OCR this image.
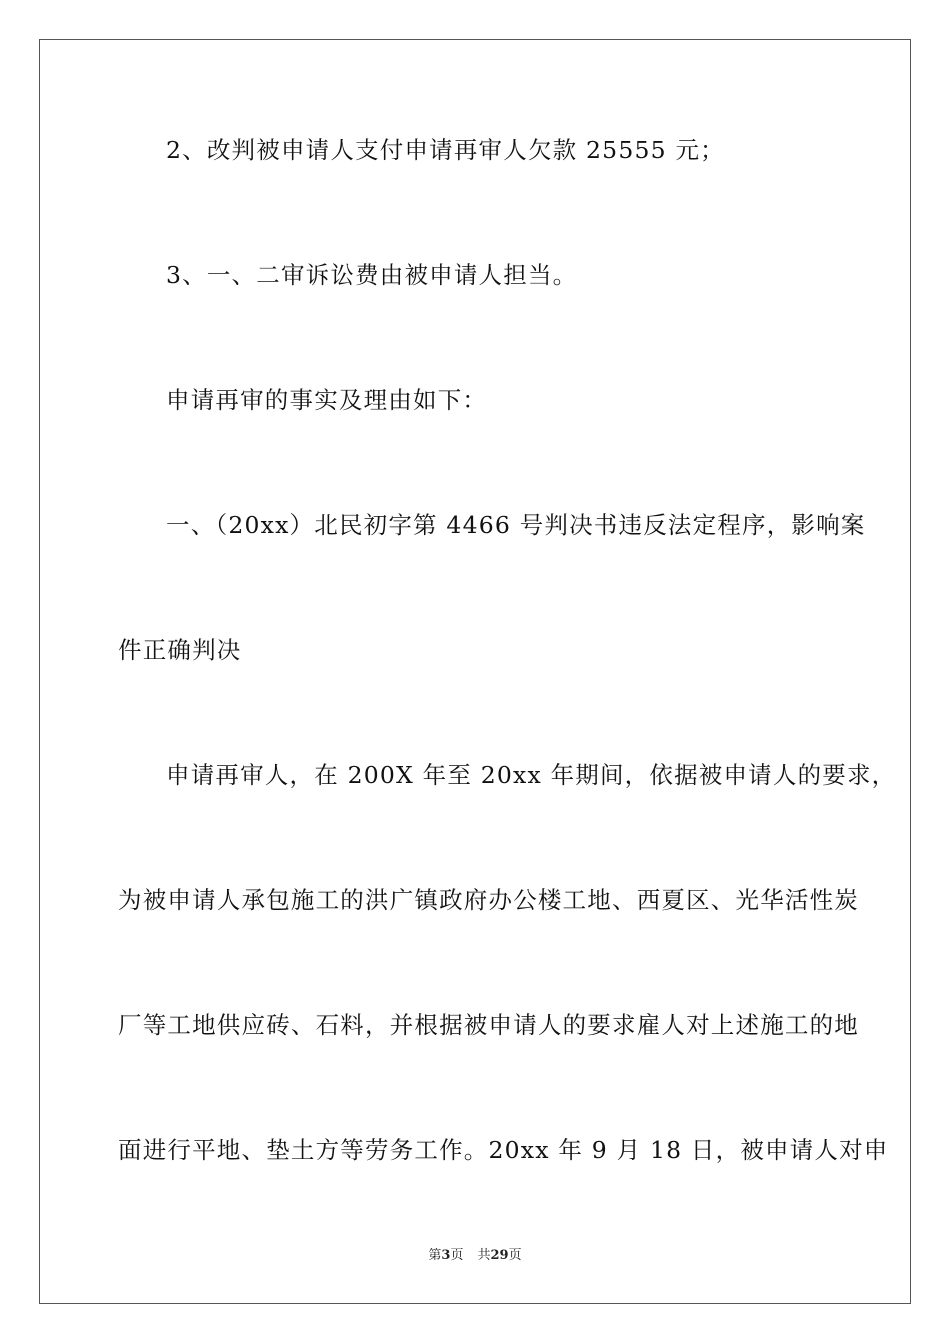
2、改判被申请人支付申请再审人欠款 25555 元；
3、一、二审诉讼费由被申请人担当。
申请再审的事实及理由如下：
一、（20xx）北民初字第 4466 号判决书违反法定程序，影响案
件正确判决
申请再审人，在 200X 年至 20xx 年期间，依据被申请人的要求，
为被申请人承包施工的洪广镇政府办公楼工地、西夏区、光华活性炭
厂等工地供应砖、石料，并根据被申请人的要求雇人对上述施工的地
面进行平地、垫土方等劳务工作。20xx 年 9 月 18 日，被申请人对申
第3页 共29页
